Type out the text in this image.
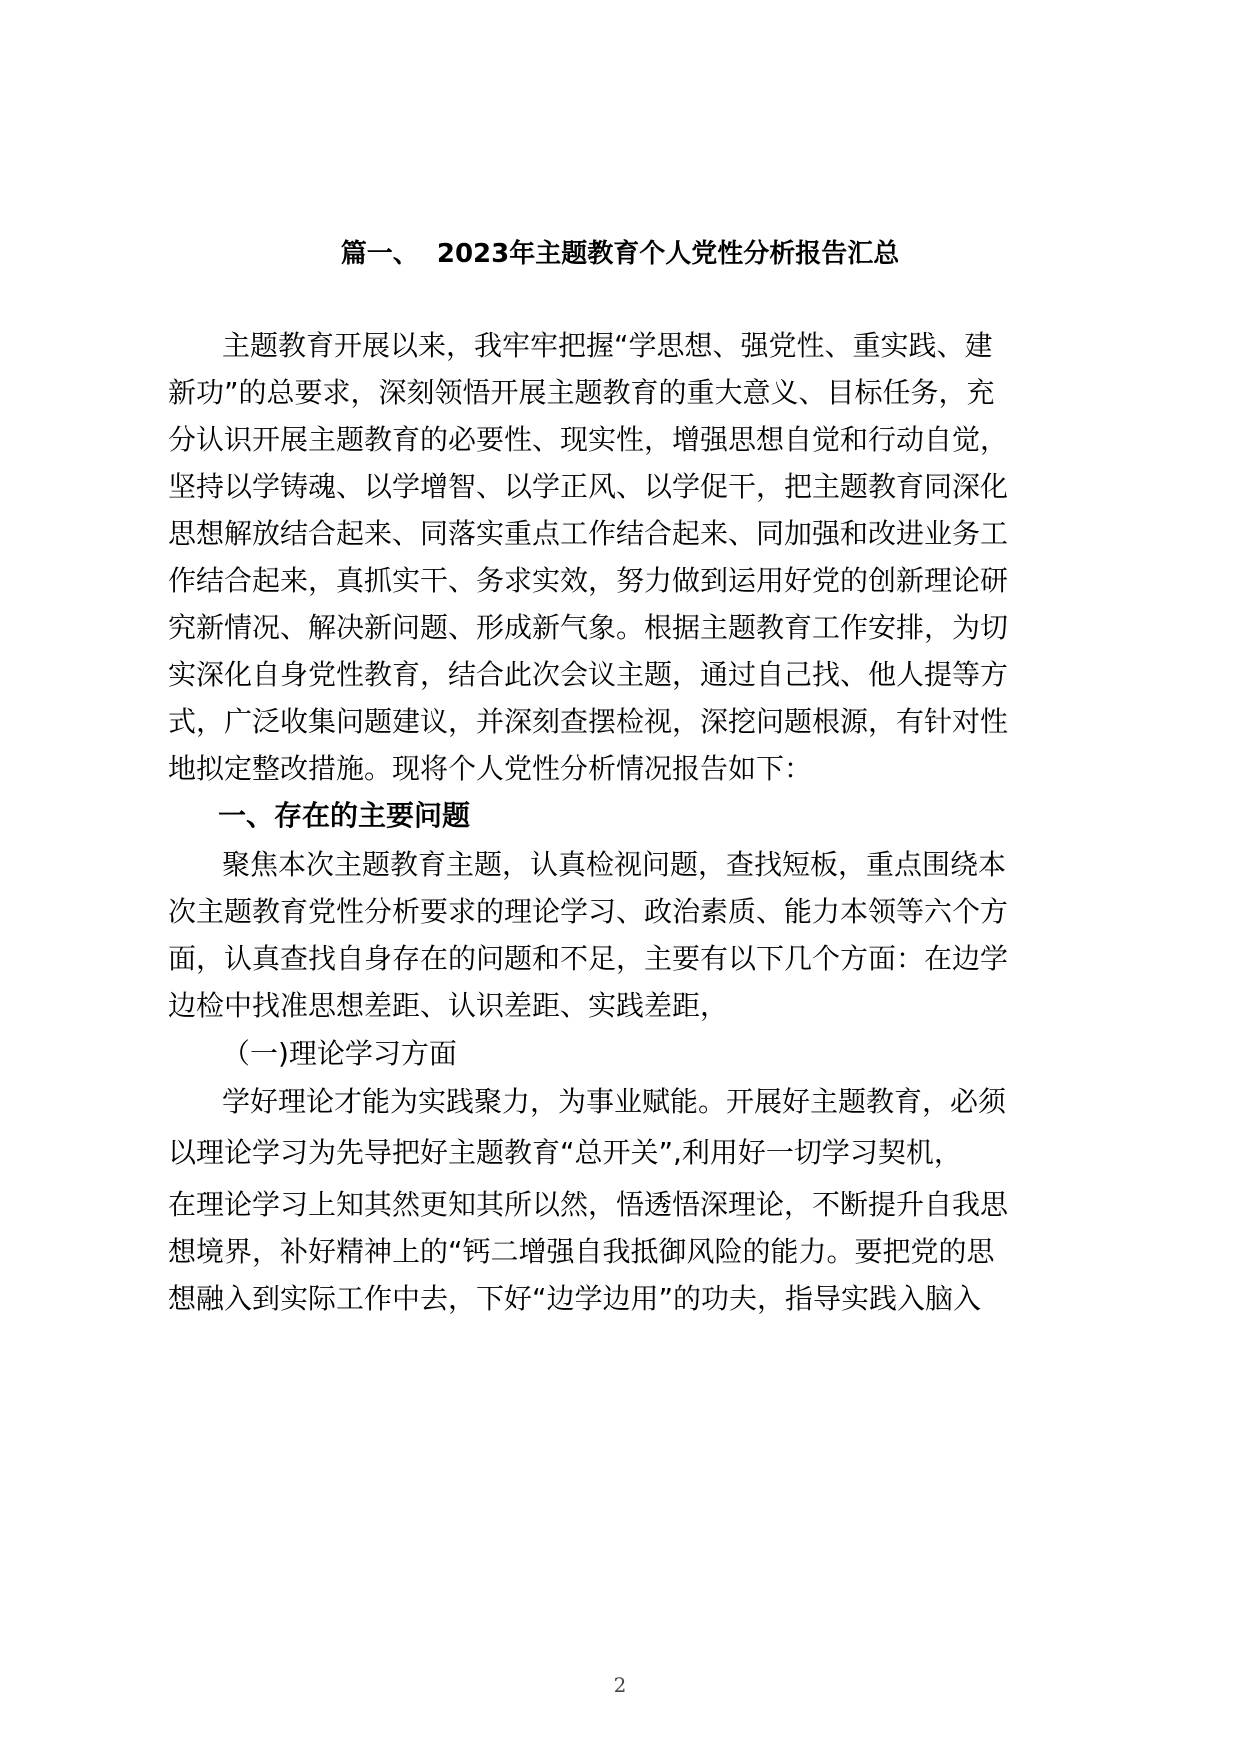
篇一、  2023年主题教育个人党性分析报告汇总
主题教育开展以来，我牢牢把握“学思想、强党性、重实践、建
新功”的总要求，深刻领悟开展主题教育的重大意义、目标任务，充
分认识开展主题教育的必要性、现实性，增强思想自觉和行动自觉，
坚持以学铸魂、以学增智、以学正风、以学促干，把主题教育同深化
思想解放结合起来、同落实重点工作结合起来、同加强和改进业务工
作结合起来，真抓实干、务求实效，努力做到运用好党的创新理论研
究新情况、解决新问题、形成新气象。根据主题教育工作安排，为切
实深化自身党性教育，结合此次会议主题，通过自己找、他人提等方
式，广泛收集问题建议，并深刻查摆检视，深挖问题根源，有针对性
地拟定整改措施。现将个人党性分析情况报告如下：
一、存在的主要问题
聚焦本次主题教育主题，认真检视问题，查找短板，重点围绕本
次主题教育党性分析要求的理论学习、政治素质、能力本领等六个方
面，认真查找自身存在的问题和不足，主要有以下几个方面：在边学
边检中找准思想差距、认识差距、实践差距，
（一)理论学习方面
学好理论才能为实践聚力，为事业赋能。开展好主题教育，必须
以理论学习为先导把好主题教育“总开关”,利用好一切学习契机，
在理论学习上知其然更知其所以然，悟透悟深理论，不断提升自我思
想境界，补好精神上的“钙二增强自我抵御风险的能力。要把党的思
想融入到实际工作中去，下好“边学边用”的功夫，指导实践入脑入
2
